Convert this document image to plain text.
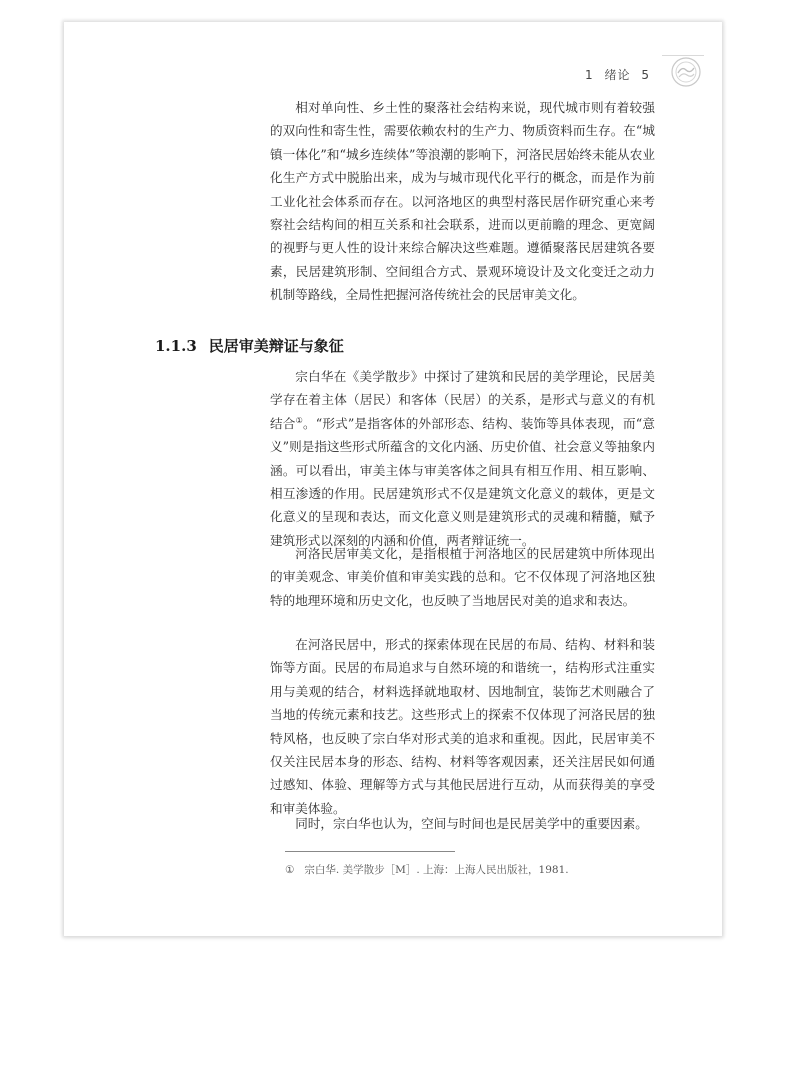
1 绪论 5

相对单向性、乡土性的聚落社会结构来说，现代城市则有着较强的双向性和寄生性，需要依赖农村的生产力、物质资料而生存。在“城镇一体化”和“城乡连续体”等浪潮的影响下，河洛民居始终未能从农业化生产方式中脱胎出来，成为与城市现代化平行的概念，而是作为前工业化社会体系而存在。以河洛地区的典型村落民居作研究重心来考察社会结构间的相互关系和社会联系，进而以更前瞻的理念、更宽阔的视野与更人性的设计来综合解决这些难题。遵循聚落民居建筑各要素，民居建筑形制、空间组合方式、景观环境设计及文化变迁之动力机制等路线，全局性把握河洛传统社会的民居审美文化。

1.1.3 民居审美辩证与象征

宗白华在《美学散步》中探讨了建筑和民居的美学理论，民居美学存在着主体（居民）和客体（民居）的关系，是形式与意义的有机结合①。“形式”是指客体的外部形态、结构、装饰等具体表现，而“意义”则是指这些形式所蕴含的文化内涵、历史价值、社会意义等抽象内涵。可以看出，审美主体与审美客体之间具有相互作用、相互影响、相互渗透的作用。民居建筑形式不仅是建筑文化意义的载体，更是文化意义的呈现和表达，而文化意义则是建筑形式的灵魂和精髓，赋予建筑形式以深刻的内涵和价值，两者辩证统一。

河洛民居审美文化，是指根植于河洛地区的民居建筑中所体现出的审美观念、审美价值和审美实践的总和。它不仅体现了河洛地区独特的地理环境和历史文化，也反映了当地居民对美的追求和表达。

在河洛民居中，形式的探索体现在民居的布局、结构、材料和装饰等方面。民居的布局追求与自然环境的和谐统一，结构形式注重实用与美观的结合，材料选择就地取材、因地制宜，装饰艺术则融合了当地的传统元素和技艺。这些形式上的探索不仅体现了河洛民居的独特风格，也反映了宗白华对形式美的追求和重视。因此，民居审美不仅关注民居本身的形态、结构、材料等客观因素，还关注居民如何通过感知、体验、理解等方式与其他民居进行互动，从而获得美的享受和审美体验。

同时，宗白华也认为，空间与时间也是民居美学中的重要因素。

① 宗白华. 美学散步［M］. 上海：上海人民出版社，1981.
